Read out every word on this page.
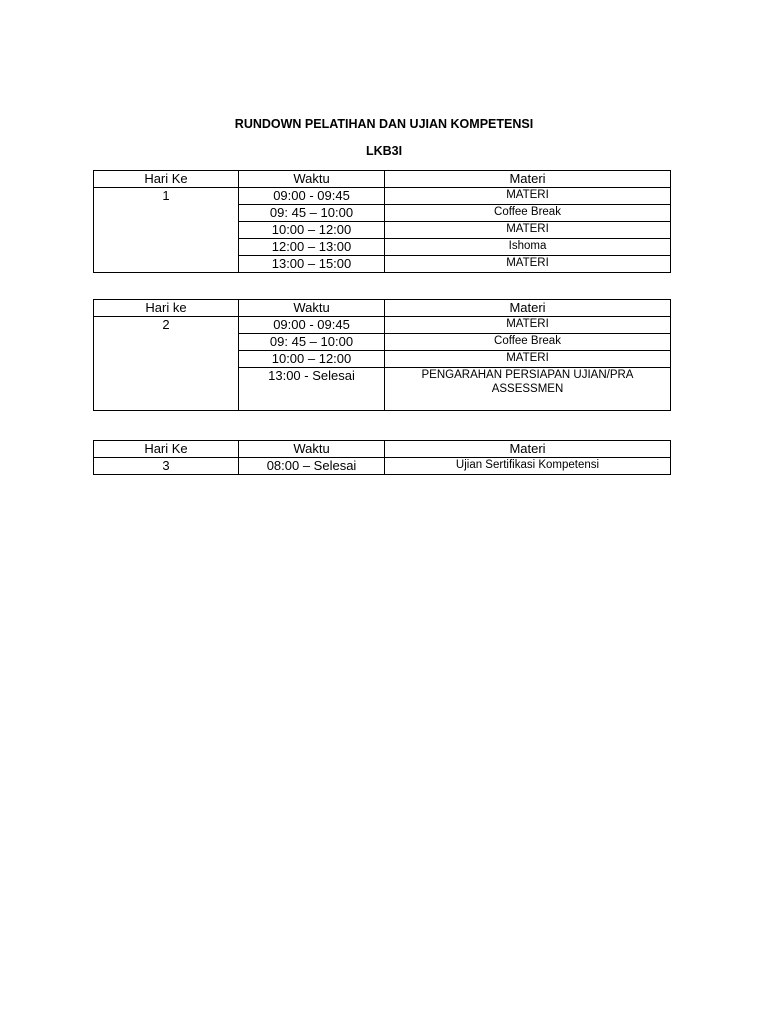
RUNDOWN PELATIHAN DAN UJIAN KOMPETENSI
LKB3I
Hari Ke	Waktu	Materi
1	09:00 - 09:45	MATERI
	09: 45 – 10:00	Coffee Break
	10:00 – 12:00	MATERI
	12:00 – 13:00	Ishoma
	13:00 – 15:00	MATERI
Hari ke	Waktu	Materi
2	09:00 - 09:45	MATERI
	09: 45 – 10:00	Coffee Break
	10:00 – 12:00	MATERI
	13:00 - Selesai	PENGARAHAN PERSIAPAN UJIAN/PRA ASSESSMEN
Hari Ke	Waktu	Materi
3	08:00 – Selesai	Ujian Sertifikasi Kompetensi
